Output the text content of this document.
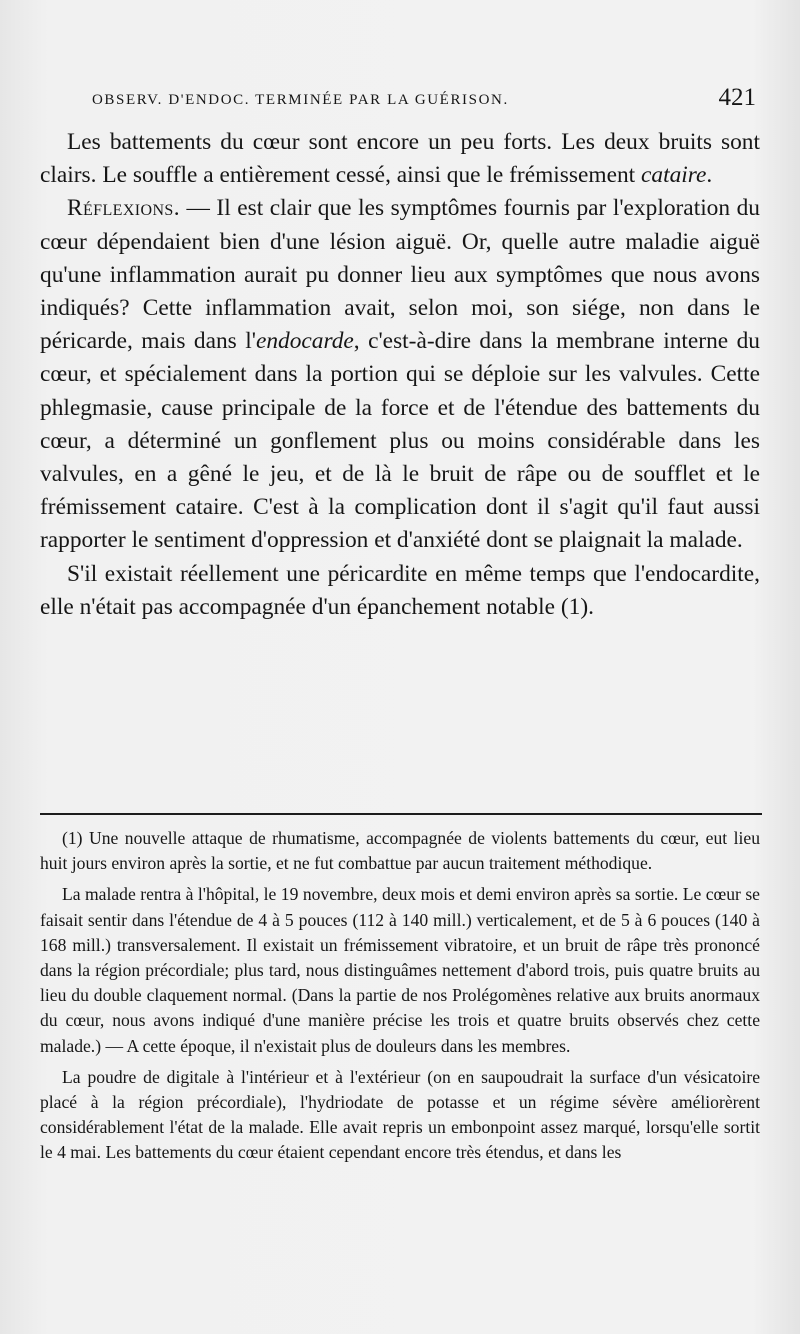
OBSERV. D'ENDOC. TERMINÉE PAR LA GUÉRISON.	421

Les battements du cœur sont encore un peu forts. Les deux bruits sont clairs. Le souffle a entièrement cessé, ainsi que le frémissement cataire.

Réflexions. — Il est clair que les symptômes fournis par l'exploration du cœur dépendaient bien d'une lésion aiguë. Or, quelle autre maladie aiguë qu'une inflammation aurait pu donner lieu aux symptômes que nous avons indiqués? Cette inflammation avait, selon moi, son siége, non dans le péricarde, mais dans l'endocarde, c'est-à-dire dans la membrane interne du cœur, et spécialement dans la portion qui se déploie sur les valvules. Cette phlegmasie, cause principale de la force et de l'étendue des battements du cœur, a déterminé un gonflement plus ou moins considérable dans les valvules, en a gêné le jeu, et de là le bruit de râpe ou de soufflet et le frémissement cataire. C'est à la complication dont il s'agit qu'il faut aussi rapporter le sentiment d'oppression et d'anxiété dont se plaignait la malade.

S'il existait réellement une péricardite en même temps que l'endocardite, elle n'était pas accompagnée d'un épanchement notable (1).

(1) Une nouvelle attaque de rhumatisme, accompagnée de violents battements du cœur, eut lieu huit jours environ après la sortie, et ne fut combattue par aucun traitement méthodique.

La malade rentra à l'hôpital, le 19 novembre, deux mois et demi environ après sa sortie. Le cœur se faisait sentir dans l'étendue de 4 à 5 pouces (112 à 140 mill.) verticalement, et de 5 à 6 pouces (140 à 168 mill.) transversalement. Il existait un frémissement vibratoire, et un bruit de râpe très prononcé dans la région précordiale; plus tard, nous distinguâmes nettement d'abord trois, puis quatre bruits au lieu du double claquement normal. (Dans la partie de nos Prolégomènes relative aux bruits anormaux du cœur, nous avons indiqué d'une manière précise les trois et quatre bruits observés chez cette malade.) — A cette époque, il n'existait plus de douleurs dans les membres.

La poudre de digitale à l'intérieur et à l'extérieur (on en saupoudrait la surface d'un vésicatoire placé à la région précordiale), l'hydriodate de potasse et un régime sévère améliorèrent considérablement l'état de la malade. Elle avait repris un embonpoint assez marqué, lorsqu'elle sortit le 4 mai. Les battements du cœur étaient cependant encore très étendus, et dans les
